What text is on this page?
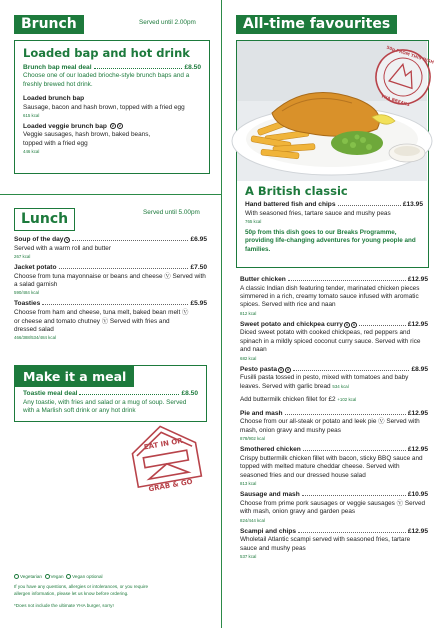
Brunch	Served until 2.00pm
Loaded bap and hot drink
Brunch bap meal deal	£8.50
Choose one of our loaded brioche-style brunch baps and a freshly brewed hot drink.
Loaded brunch bap
Sausage, bacon and hash brown, topped with a fried egg
615 kcal
Loaded veggie brunch bap V V
Veggie sausages, hash brown, baked beans, topped with a fried egg
446 kcal
Lunch	Served until 5.00pm
Soup of the day V	£6.95
Served with a warm roll and butter
267 kcal
Jacket potato	£7.50
Choose from tuna mayonnaise or beans and cheese Ⓥ Served with a salad garnish
590/484 kcal
Toasties	£5.95
Choose from ham and cheese, tuna melt, baked bean melt Ⓥ or cheese and tomato chutney Ⓥ Served with fries and dressed salad
466/388/534/484 kcal
Make it a meal
Toastie meal deal	£8.50
Any toastie, with fries and salad or a mug of soup. Served with a Marlish soft drink or any hot drink
EAT IN OR
GRAB & GO
Vegetarian Vegan Vegan optional
If you have any questions, allergies or intolerances, or you require allergen information, please let us know before ordering.
*Does not include the ultimate YHA burger, sorry!
All-time favourites
50p FROM THIS DISH
YHA BREAKS
A British classic
Hand battered fish and chips	£13.95
With seasoned fries, tartare sauce and mushy peas
765 kcal
50p from this dish goes to our Breaks Programme, providing life-changing adventures for young people and families.
Butter chicken	£12.95
A classic Indian dish featuring tender, marinated chicken pieces simmered in a rich, creamy tomato sauce infused with aromatic spices. Served with rice and naan
812 kcal
Sweet potato and chickpea curry V	V	£12.95
Diced sweet potato with cooked chickpeas, red peppers and spinach in a mildly spiced coconut curry sauce. Served with rice and naan
682 kcal
Pesto pasta V	V	£8.95
Fusilli pasta tossed in pesto, mixed with tomatoes and baby leaves. Served with garlic bread 534 kcal
Add buttermilk chicken fillet for £2 +102 kcal
Pie and mash	£12.95
Choose from our all-steak or potato and leek pie Ⓥ Served with mash, onion gravy and mushy peas
878/902 kcal
Smothered chicken	£12.95
Crispy buttermilk chicken fillet with bacon, sticky BBQ sauce and topped with melted mature cheddar cheese. Served with seasoned fries and our dressed house salad
813 kcal
Sausage and mash	£10.95
Choose from prime pork sausages or veggie sausages Ⓥ Served with mash, onion gravy and garden peas
824/444 kcal
Scampi and chips	£12.95
Wholetail Atlantic scampi served with seasoned fries, tartare sauce and mushy peas
537 kcal
